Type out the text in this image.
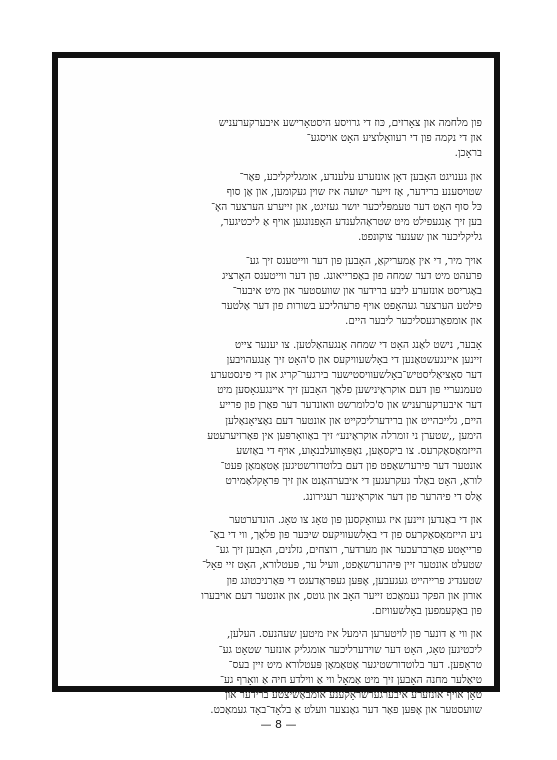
פון מלחמה און צאָרזים, כּוז די גרויסע היסטאָרישע איבערקערעניש
און די נקמה פון די רעוואָלוציע האָט אויסגע־
בראָכן.
און גענויגט האָבען דאָן אונזערע עלענדע, אומגליקליכע, פּאַר־
שטויסענע ברידער, אַז זייער ישועה איז שוין געקומען, און אַן סוף
כּל סוף האָט דער טעמפּליכער יושר געזיגט, און זייערע הערצער האָ־
בען זיך אָנגעפילט מיט שטראַהלענדע האָפנונגען אויף אַ ליכטיגער,
גליקליכער און שענער צוקונפט.
אויך מיר, די אין אַמעריקאַ, האָבען פון דער ווייטענס זיך גע־
פרעהט מיט דער שמחה פון באַפרייאונג. פון דער ווייטענס האָרציג
באַגריסט אונזערע ליבע ברידער און שוועסטער און מיט איבער־
פילטע הערצער געהאָפט אויף פרעהליכע בשורות פון דער אַלטער
און אומפאַרגעסליכער ליבער היים.
אָבער, נישט לאַנג האָט די שמחה אָנגעהאַלטען. צו יענער צייט
זיינען איינגעשטאַנען די באָלשעוויקעס און ס'האָט זיך אָנגעהויבען
דער סאָציאַליסטיש־באָלשעוויסטישער בירגער־קריג און די פינסטערע
טעמנעריי פון דעם אוקראַינישען פלאַך האָבען זיך איינגעגאָסען מיט
דער איבערקערעניש און ס'כלומרשט וואונדער דער פאַרן פון פרייע
היים, גלייכהייט און ברידערליכקייט און אונטער דעם נאַציאָנאַלען
הימען ,,שטערן ני זומרלה אוקראַינע״ זיך באַוואָרפּען אין פאַרזיערעטע
הייזמאַסאַקרעס. צו ביקסאַען, נאָפּאָוועלבנאָוע, אויף די באַזשע
אונטער דער פירערשאַפט פון דעם בלוטדורשטיגען אַטאַמאַן פּעט־
לוראַ, האָט באַלד געקרעגען די איבערהאַנט און זיך פּראָקלאַמירט
אַלס די פיהרער פון דער אוקראַינער רעגירונג.
און די באַנדען זיינען איז געוואָקסען פון טאָג צו טאָג. הונדערטער
ניע הייזמאַסאַקרעס פון די באָלשעוויקעס שיכּער פון פלאַך, ווי די באַ־
פרייאָטע פאַרברעכער און מערדער, רוצחים, גזלנים, האָבען זיך גע־
שטעלט אונטער זיין פּיהרערשאַפט, וועיל ער, פּעטלורא, האָט זיי פאָל־
שטענדיג פרייהייט געגעבען, אָפּען געפּראַדעגט די פּאַרניכטונג פון
אורון און הפקר געמאַכט זייער האָב און גוטס, און אונטער דעם אויבערו
פון באַקעמפען באָלשעוויזם.
און ווי אַ דונער פון לויטערען הימעל איז מיטען שעהנעס. העלען,
ליכטיגען טאָג, האָט דער שוידערליכער אומגליק אונזער שטאָט גע־
טראָפען. דער בלוטדורשטיגער אַטאַמאַן פּעטלורא מיט זיין בעס־
טיאַלער מחנה האָבען זיך מיט אַמאָל ווי אַ ווילדע חיה אַ וואָרף גע־
טאָן אויף אונזערע איבערגערשראָקענע אומבאַשיצטע ברידער און
שוועסטער און אָפּען פאַר דער גאַנצער וועלט אַ בלאָד־באָד געמאַכט.
— 8 —
